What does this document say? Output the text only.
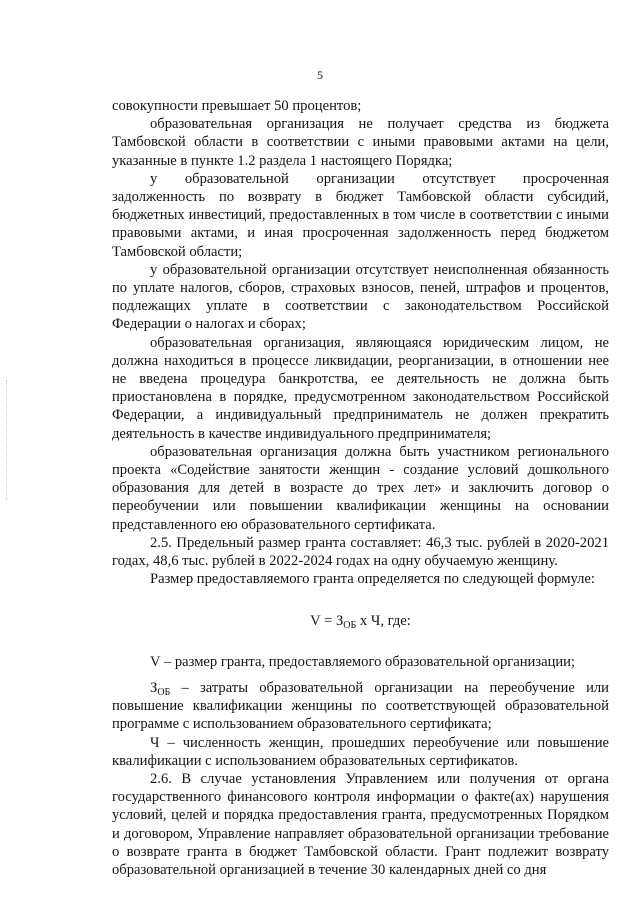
5

совокупности превышает 50 процентов;

образовательная организация не получает средства из бюджета Тамбовской области в соответствии с иными правовыми актами на цели, указанные в пункте 1.2 раздела 1 настоящего Порядка;

у образовательной организации отсутствует просроченная задолженность по возврату в бюджет Тамбовской области субсидий, бюджетных инвестиций, предоставленных в том числе в соответствии с иными правовыми актами, и иная просроченная задолженность перед бюджетом Тамбовской области;

у образовательной организации отсутствует неисполненная обязанность по уплате налогов, сборов, страховых взносов, пеней, штрафов и процентов, подлежащих уплате в соответствии с законодательством Российской Федерации о налогах и сборах;

образовательная организация, являющаяся юридическим лицом, не должна находиться в процессе ликвидации, реорганизации, в отношении нее не введена процедура банкротства, ее деятельность не должна быть приостановлена в порядке, предусмотренном законодательством Российской Федерации, а индивидуальный предприниматель не должен прекратить деятельность в качестве индивидуального предпринимателя;

образовательная организация должна быть участником регионального проекта «Содействие занятости женщин - создание условий дошкольного образования для детей в возрасте до трех лет» и заключить договор о переобучении или повышении квалификации женщины на основании представленного ею образовательного сертификата.

2.5. Предельный размер гранта составляет: 46,3 тыс. рублей в 2020-2021 годах, 48,6 тыс. рублей в 2022-2024 годах на одну обучаемую женщину.

Размер предоставляемого гранта определяется по следующей формуле:

$V = З_{ОБ}$ х Ч, где:

V – размер гранта, предоставляемого образовательной организации;

$З_{ОБ}$ – затраты образовательной организации на переобучение или повышение квалификации женщины по соответствующей образовательной программе с использованием образовательного сертификата;

Ч – численность женщин, прошедших переобучение или повышение квалификации с использованием образовательных сертификатов.

2.6. В случае установления Управлением или получения от органа государственного финансового контроля информации о факте(ах) нарушения условий, целей и порядка предоставления гранта, предусмотренных Порядком и договором, Управление направляет образовательной организации требование о возврате гранта в бюджет Тамбовской области. Грант подлежит возврату образовательной организацией в течение 30 календарных дней со дня
